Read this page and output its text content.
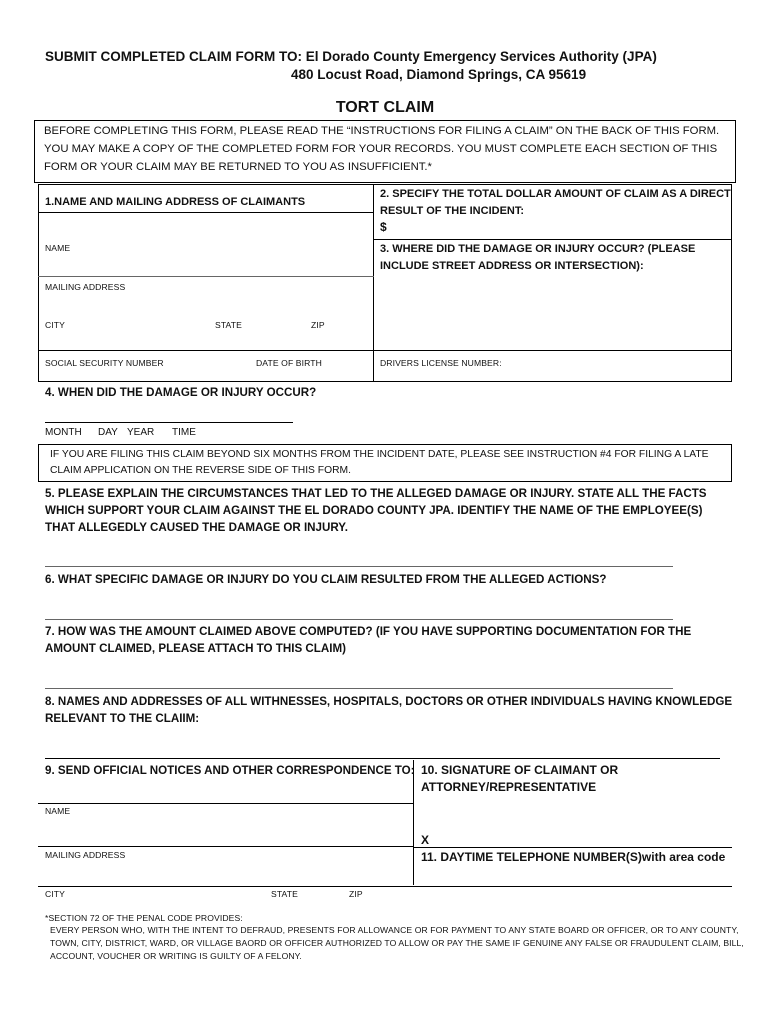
SUBMIT COMPLETED CLAIM FORM TO: El Dorado County Emergency Services Authority (JPA)
480 Locust Road, Diamond Springs, CA 95619
TORT CLAIM
BEFORE COMPLETING THIS FORM, PLEASE READ THE “INSTRUCTIONS FOR FILING A CLAIM” ON THE BACK OF THIS FORM.
YOU MAY MAKE A COPY OF THE COMPLETED FORM FOR YOUR RECORDS. YOU MUST COMPLETE EACH SECTION OF THIS
FORM OR YOUR CLAIM MAY BE RETURNED TO YOU AS INSUFFICIENT.*
1.NAME AND MAILING ADDRESS OF CLAIMANTS
NAME
MAILING ADDRESS
CITY	STATE	ZIP
SOCIAL SECURITY NUMBER	DATE OF BIRTH
2. SPECIFY THE TOTAL DOLLAR AMOUNT OF CLAIM AS A DIRECT
RESULT OF THE INCIDENT:
$
3. WHERE DID THE DAMAGE OR INJURY OCCUR? (PLEASE
INCLUDE STREET ADDRESS OR INTERSECTION):
DRIVERS LICENSE NUMBER:
4. WHEN DID THE DAMAGE OR INJURY OCCUR?
MONTH DAY YEAR TIME
IF YOU ARE FILING THIS CLAIM BEYOND SIX MONTHS FROM THE INCIDENT DATE, PLEASE SEE INSTRUCTION #4 FOR FILING A LATE
CLAIM APPLICATION ON THE REVERSE SIDE OF THIS FORM.
5. PLEASE EXPLAIN THE CIRCUMSTANCES THAT LED TO THE ALLEGED DAMAGE OR INJURY. STATE ALL THE FACTS
WHICH SUPPORT YOUR CLAIM AGAINST THE EL DORADO COUNTY JPA. IDENTIFY THE NAME OF THE EMPLOYEE(S)
THAT ALLEGEDLY CAUSED THE DAMAGE OR INJURY.
6. WHAT SPECIFIC DAMAGE OR INJURY DO YOU CLAIM RESULTED FROM THE ALLEGED ACTIONS?
7. HOW WAS THE AMOUNT CLAIMED ABOVE COMPUTED? (IF YOU HAVE SUPPORTING DOCUMENTATION FOR THE
AMOUNT CLAIMED, PLEASE ATTACH TO THIS CLAIM)
8. NAMES AND ADDRESSES OF ALL WITHNESSES, HOSPITALS, DOCTORS OR OTHER INDIVIDUALS HAVING KNOWLEDGE
RELEVANT TO THE CLAIIM:
9. SEND OFFICIAL NOTICES AND OTHER CORRESPONDENCE TO:
NAME
MAILING ADDRESS
CITY	STATE	ZIP
10. SIGNATURE OF CLAIMANT OR
ATTORNEY/REPRESENTATIVE
X
11. DAYTIME TELEPHONE NUMBER(S)with area code
*SECTION 72 OF THE PENAL CODE PROVIDES:
EVERY PERSON WHO, WITH THE INTENT TO DEFRAUD, PRESENTS FOR ALLOWANCE OR FOR PAYMENT TO ANY STATE BOARD OR OFFICER, OR TO ANY COUNTY,
TOWN, CITY, DISTRICT, WARD, OR VILLAGE BAORD OR OFFICER AUTHORIZED TO ALLOW OR PAY THE SAME IF GENUINE ANY FALSE OR FRAUDULENT CLAIM, BILL,
ACCOUNT, VOUCHER OR WRITING IS GUILTY OF A FELONY.
